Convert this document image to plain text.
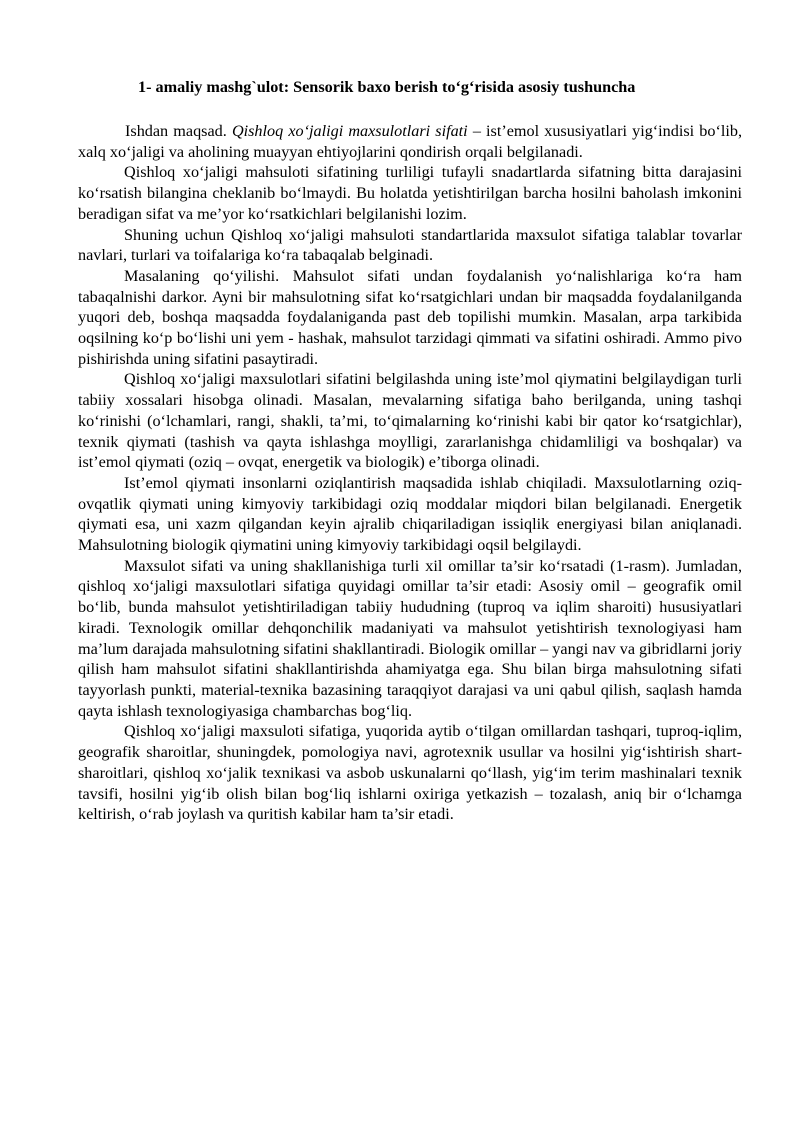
1- amaliy mashg`ulot: Sensorik baxo berish to‘g‘risida asosiy tushuncha

Ishdan maqsad. Qishloq xo‘jaligi maxsulotlari sifati – ist’emol xususiyatlari yig‘indisi bo‘lib, xalq xo‘jaligi va aholining muayyan ehtiyojlarini qondirish orqali belgilanadi.

Qishloq xo‘jaligi mahsuloti sifatining turliligi tufayli snadartlarda sifatning bitta darajasini ko‘rsatish bilangina cheklanib bo‘lmaydi. Bu holatda yetishtirilgan barcha hosilni baholash imkonini beradigan sifat va me’yor ko‘rsatkichlari belgilanishi lozim.

Shuning uchun Qishloq xo‘jaligi mahsuloti standartlarida maxsulot sifatiga talablar tovarlar navlari, turlari va toifalariga ko‘ra tabaqalab belginadi.

Masalaning qo‘yilishi. Mahsulot sifati undan foydalanish yo‘nalishlariga ko‘ra ham tabaqalnishi darkor. Ayni bir mahsulotning sifat ko‘rsatgichlari undan bir maqsadda foydalanilganda yuqori deb, boshqa maqsadda foydalaniganda past deb topilishi mumkin. Masalan, arpa tarkibida oqsilning ko‘p bo‘lishi uni yem - hashak, mahsulot tarzidagi qimmati va sifatini oshiradi. Ammo pivo pishirishda uning sifatini pasaytiradi.

Qishloq xo‘jaligi maxsulotlari sifatini belgilashda uning iste’mol qiymatini belgilaydigan turli tabiiy xossalari hisobga olinadi. Masalan, mevalarning sifatiga baho berilganda, uning tashqi ko‘rinishi (o‘lchamlari, rangi, shakli, ta’mi, to‘qimalarning ko‘rinishi kabi bir qator ko‘rsatgichlar), texnik qiymati (tashish va qayta ishlashga moylligi, zararlanishga chidamliligi va boshqalar) va ist’emol qiymati (oziq – ovqat, energetik va biologik) e’tiborga olinadi.

Ist’emol qiymati insonlarni oziqlantirish maqsadida ishlab chiqiladi. Maxsulotlarning oziq-ovqatlik qiymati uning kimyoviy tarkibidagi oziq moddalar miqdori bilan belgilanadi. Energetik qiymati esa, uni xazm qilgandan keyin ajralib chiqariladigan issiqlik energiyasi bilan aniqlanadi. Mahsulotning biologik qiymatini uning kimyoviy tarkibidagi oqsil belgilaydi.

Maxsulot sifati va uning shakllanishiga turli xil omillar ta’sir ko‘rsatadi (1-rasm). Jumladan, qishloq xo‘jaligi maxsulotlari sifatiga quyidagi omillar ta’sir etadi: Asosiy omil – geografik omil bo‘lib, bunda mahsulot yetishtiriladigan tabiiy hududning (tuproq va iqlim sharoiti) hususiyatlari kiradi. Texnologik omillar dehqonchilik madaniyati va mahsulot yetishtirish texnologiyasi ham ma’lum darajada mahsulotning sifatini shakllantiradi. Biologik omillar – yangi nav va gibridlarni joriy qilish ham mahsulot sifatini shakllantirishda ahamiyatga ega. Shu bilan birga mahsulotning sifati tayyorlash punkti, material-texnika bazasining taraqqiyot darajasi va uni qabul qilish, saqlash hamda qayta ishlash texnologiyasiga chambarchas bog‘liq.

Qishloq xo‘jaligi maxsuloti sifatiga, yuqorida aytib o‘tilgan omillardan tashqari, tuproq-iqlim, geografik sharoitlar, shuningdek, pomologiya navi, agrotexnik usullar va hosilni yig‘ishtirish shart-sharoitlari, qishloq xo‘jalik texnikasi va asbob uskunalarni qo‘llash, yig‘im terim mashinalari texnik tavsifi, hosilni yig‘ib olish bilan bog‘liq ishlarni oxiriga yetkazish – tozalash, aniq bir o‘lchamga keltirish, o‘rab joylash va quritish kabilar ham ta’sir etadi.
